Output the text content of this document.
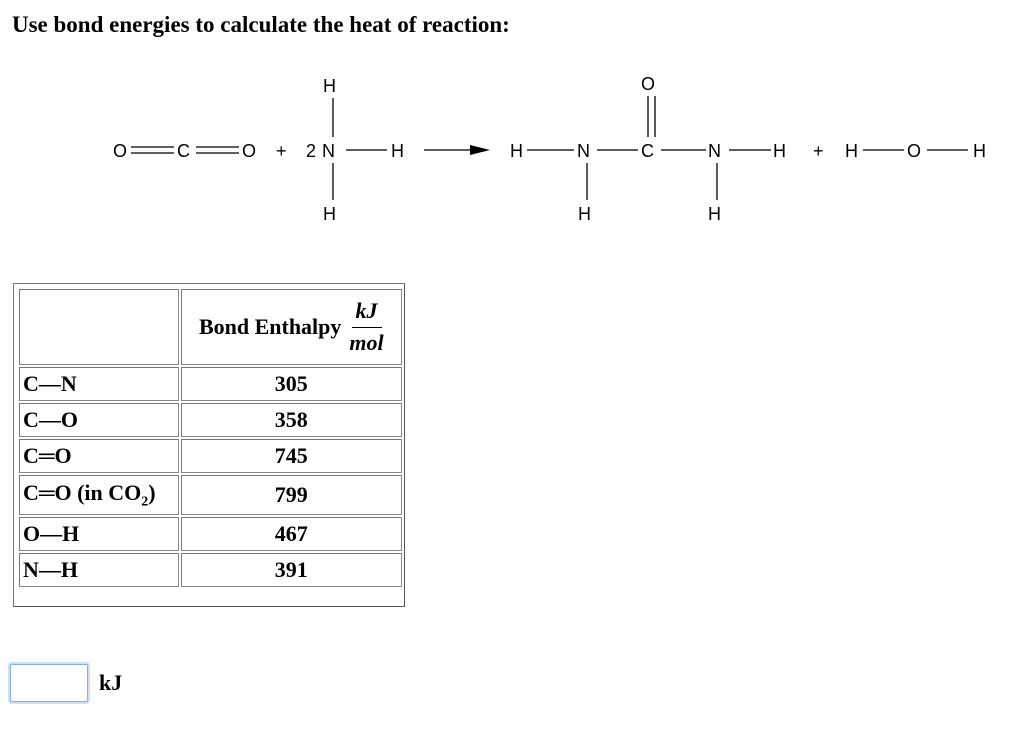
Use bond energies to calculate the heat of reaction:
O	C	O + 2 N
H
H
H
H	N	C
O
N	H
H	H
+ H	O	H

	Bond Enthalpy $\frac{kJ}{\text{mol}}$

C—N	305
C—O	358
C═O	745
C═O (in $CO_2$)	799
O—H	467
N—H	391
kJ
